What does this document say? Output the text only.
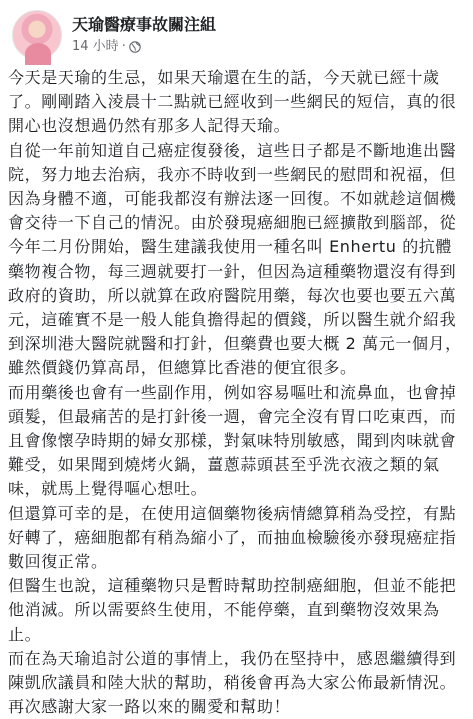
天瑜醫療事故關注組
14 小時 ·

今天是天瑜的生忌，如果天瑜還在生的話，今天就已經十歲了。剛剛踏入淩晨十二點就已經收到一些網民的短信，真的很開心也沒想過仍然有那多人記得天瑜。

自從一年前知道自己癌症復發後，這些日子都是不斷地進出醫院，努力地去治病，我亦不時收到一些網民的慰問和祝福，但因為身體不適，可能我都沒有辦法逐一回復。不如就趁這個機會交待一下自己的情況。由於發現癌細胞已經擴散到腦部，從今年二月份開始，醫生建議我使用一種名叫 Enhertu 的抗體藥物複合物，每三週就要打一針，但因為這種藥物還沒有得到政府的資助，所以就算在政府醫院用藥，每次也要也要五六萬元，這確實不是一般人能負擔得起的價錢，所以醫生就介紹我到深圳港大醫院就醫和打針，但藥費也要大概 2 萬元一個月，雖然價錢仍算高昂，但總算比香港的便宜很多。

而用藥後也會有一些副作用，例如容易嘔吐和流鼻血，也會掉頭髮，但最痛苦的是打針後一週，會完全沒有胃口吃東西，而且會像懷孕時期的婦女那樣，對氣味特別敏感，聞到肉味就會難受，如果聞到燒烤火鍋，薑蔥蒜頭甚至乎洗衣液之類的氣味，就馬上覺得嘔心想吐。

但還算可幸的是，在使用這個藥物後病情總算稍為受控，有點好轉了，癌細胞都有稍為縮小了，而抽血檢驗後亦發現癌症指數回復正常。

但醫生也說，這種藥物只是暫時幫助控制癌細胞，但並不能把他消滅。所以需要終生使用，不能停藥，直到藥物沒效果為止。

而在為天瑜追討公道的事情上，我仍在堅持中，感恩繼續得到陳凱欣議員和陸大狀的幫助，稍後會再為大家公佈最新情況。

再次感謝大家一路以來的關愛和幫助！
